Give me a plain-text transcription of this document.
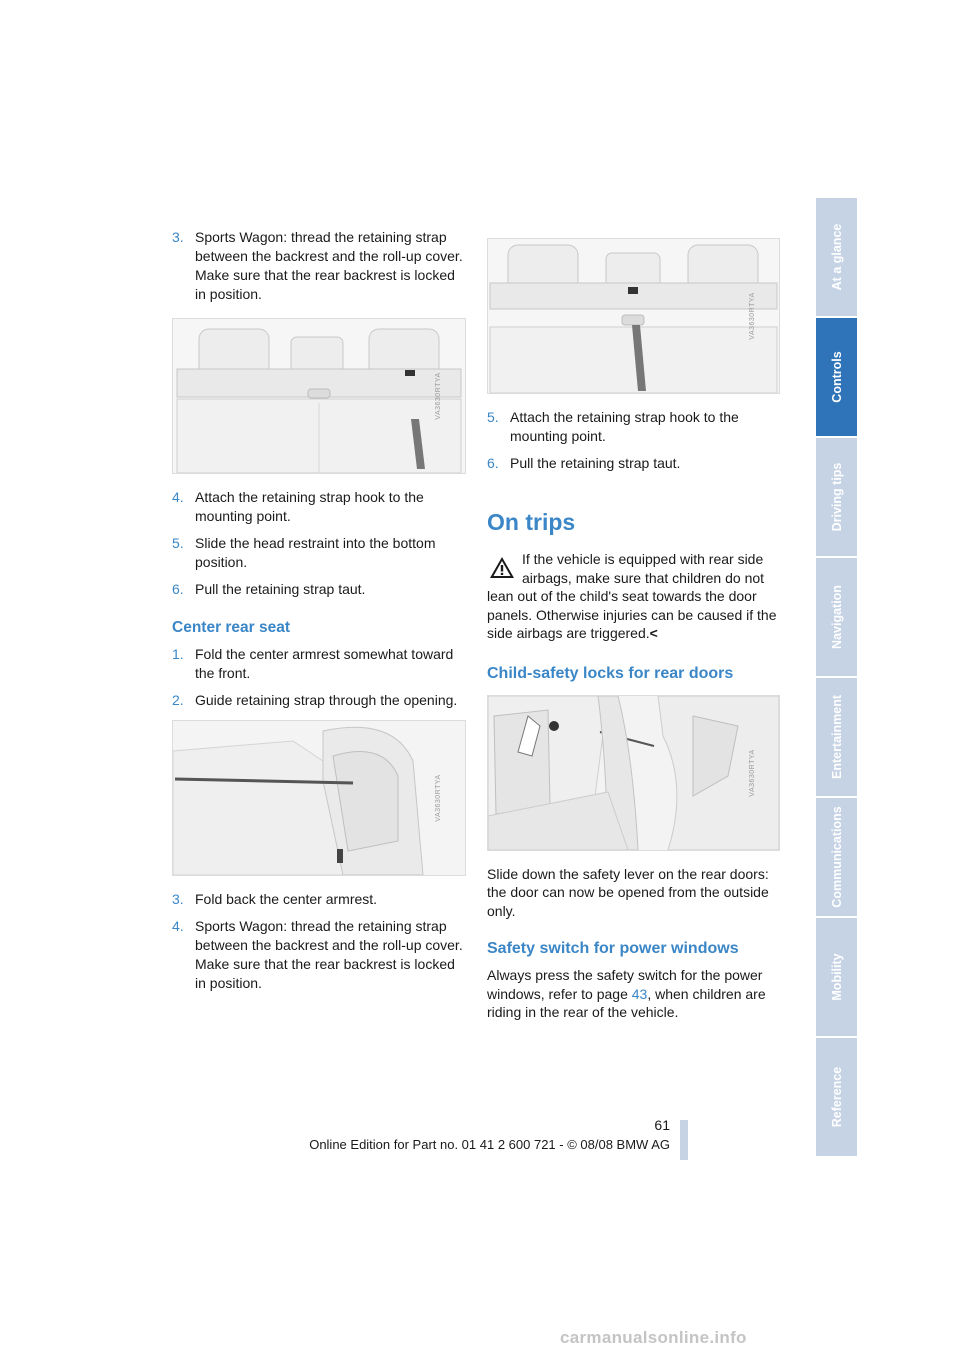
3. Sports Wagon: thread the retaining strap between the backrest and the roll-up cover. Make sure that the rear backrest is locked in position.
VA3630RTYA
4. Attach the retaining strap hook to the mounting point.
5. Slide the head restraint into the bottom position.
6. Pull the retaining strap taut.
Center rear seat
1. Fold the center armrest somewhat toward the front.
2. Guide retaining strap through the opening.
VA3630RTYA
3. Fold back the center armrest.
4. Sports Wagon: thread the retaining strap between the backrest and the roll-up cover. Make sure that the rear backrest is locked in position.
VA3630RTYA
5. Attach the retaining strap hook to the mounting point.
6. Pull the retaining strap taut.
On trips
If the vehicle is equipped with rear side
airbags, make sure that children do not
lean out of the child's seat towards the door panels. Otherwise injuries can be caused if the side airbags are triggered.<
Child-safety locks for rear doors
VA3630RTYA
Slide down the safety lever on the rear doors: the door can now be opened from the outside only.
Safety switch for power windows
Always press the safety switch for the power windows, refer to page 43, when children are riding in the rear of the vehicle.
At a glance
Controls
Driving tips
Navigation
Entertainment
Communications
Mobility
Reference
61
Online Edition for Part no. 01 41 2 600 721 - © 08/08 BMW AG
carmanualsonline.info
